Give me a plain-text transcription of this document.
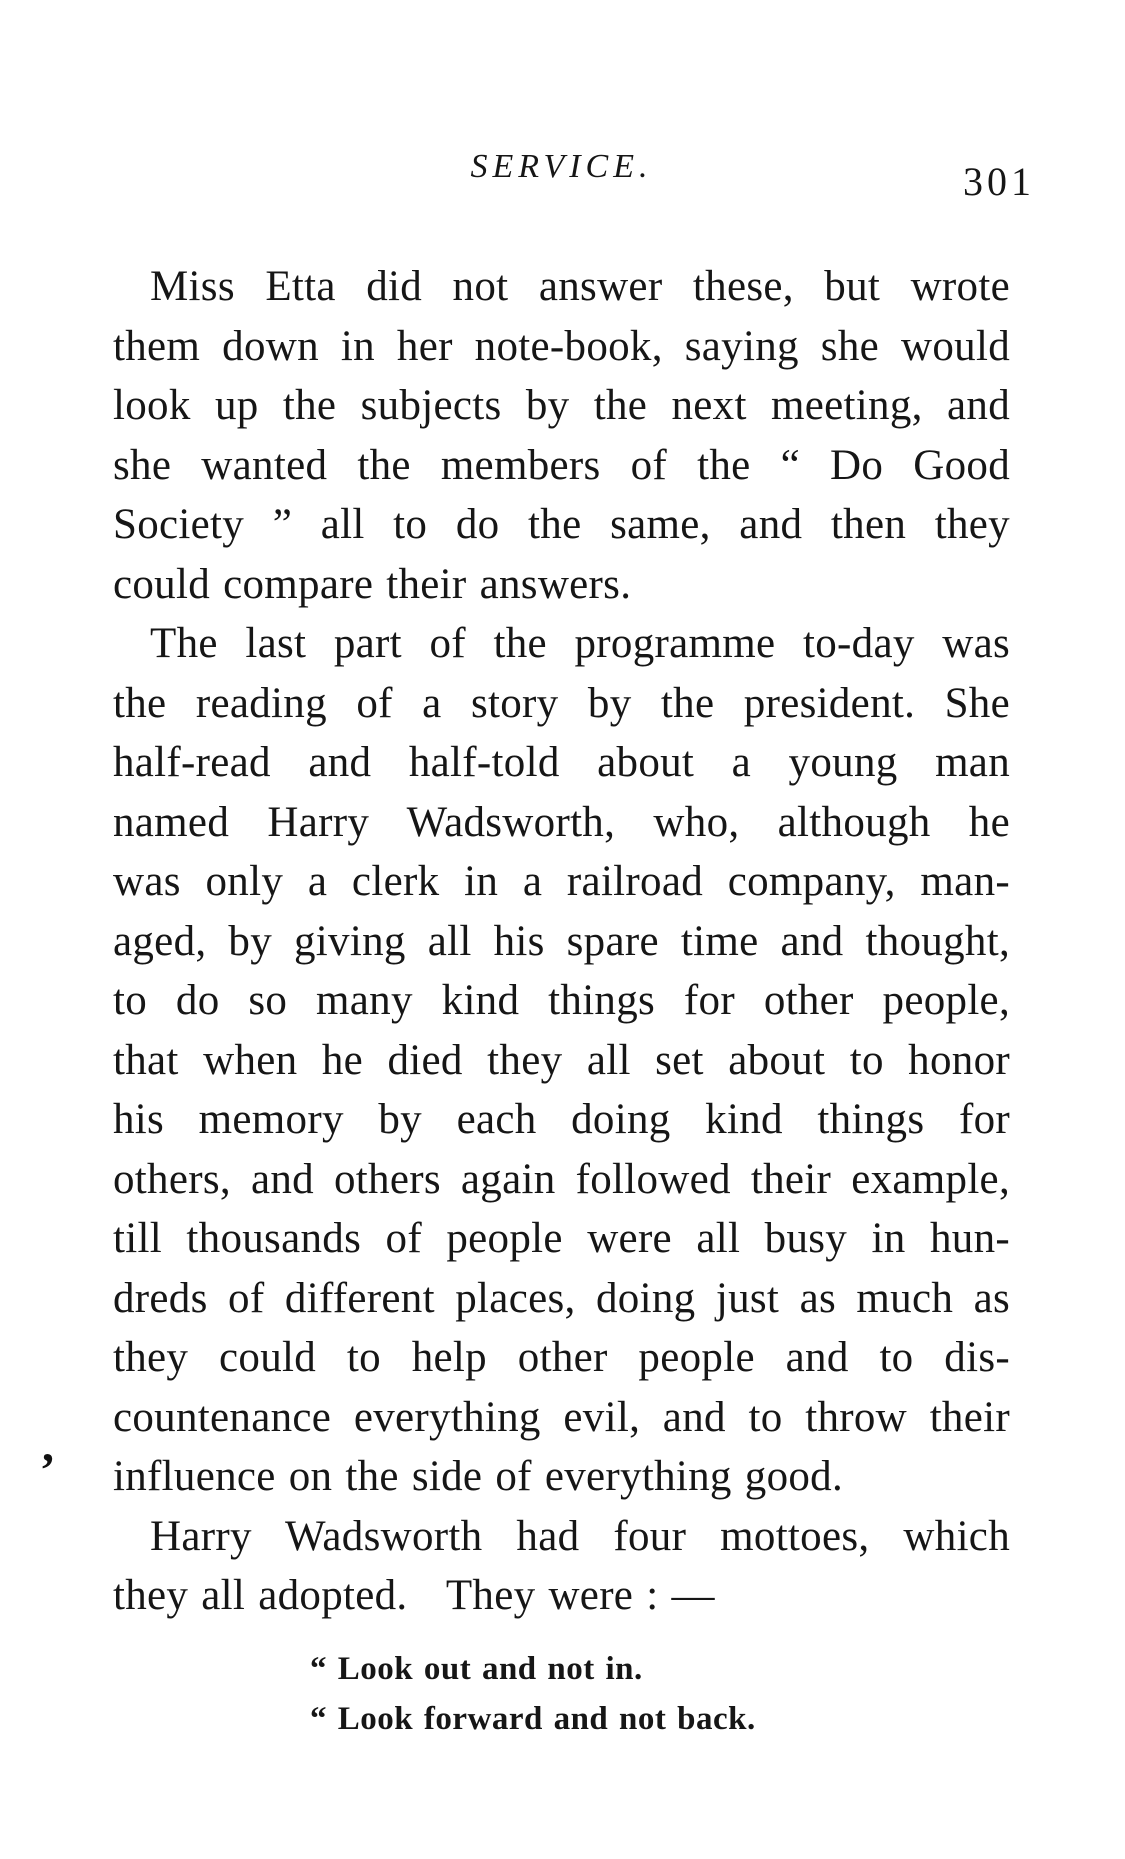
,
SERVICE.	301
Miss Etta did not answer these, but wrote
them down in her note-book, saying she would
look up the subjects by the next meeting, and
she wanted the members of the “ Do Good
Society ” all to do the same, and then they
could compare their answers.
The last part of the programme to-day was
the reading of a story by the president. She
half-read and half-told about a young man
named Harry Wadsworth, who, although he
was only a clerk in a railroad company, man-
aged, by giving all his spare time and thought,
to do so many kind things for other people,
that when he died they all set about to honor
his memory by each doing kind things for
others, and others again followed their example,
till thousands of people were all busy in hun-
dreds of different places, doing just as much as
they could to help other people and to dis-
countenance everything evil, and to throw their
influence on the side of everything good.
Harry Wadsworth had four mottoes, which
they all adopted.   They were : —
“ Look out and not in.
“ Look forward and not back.
